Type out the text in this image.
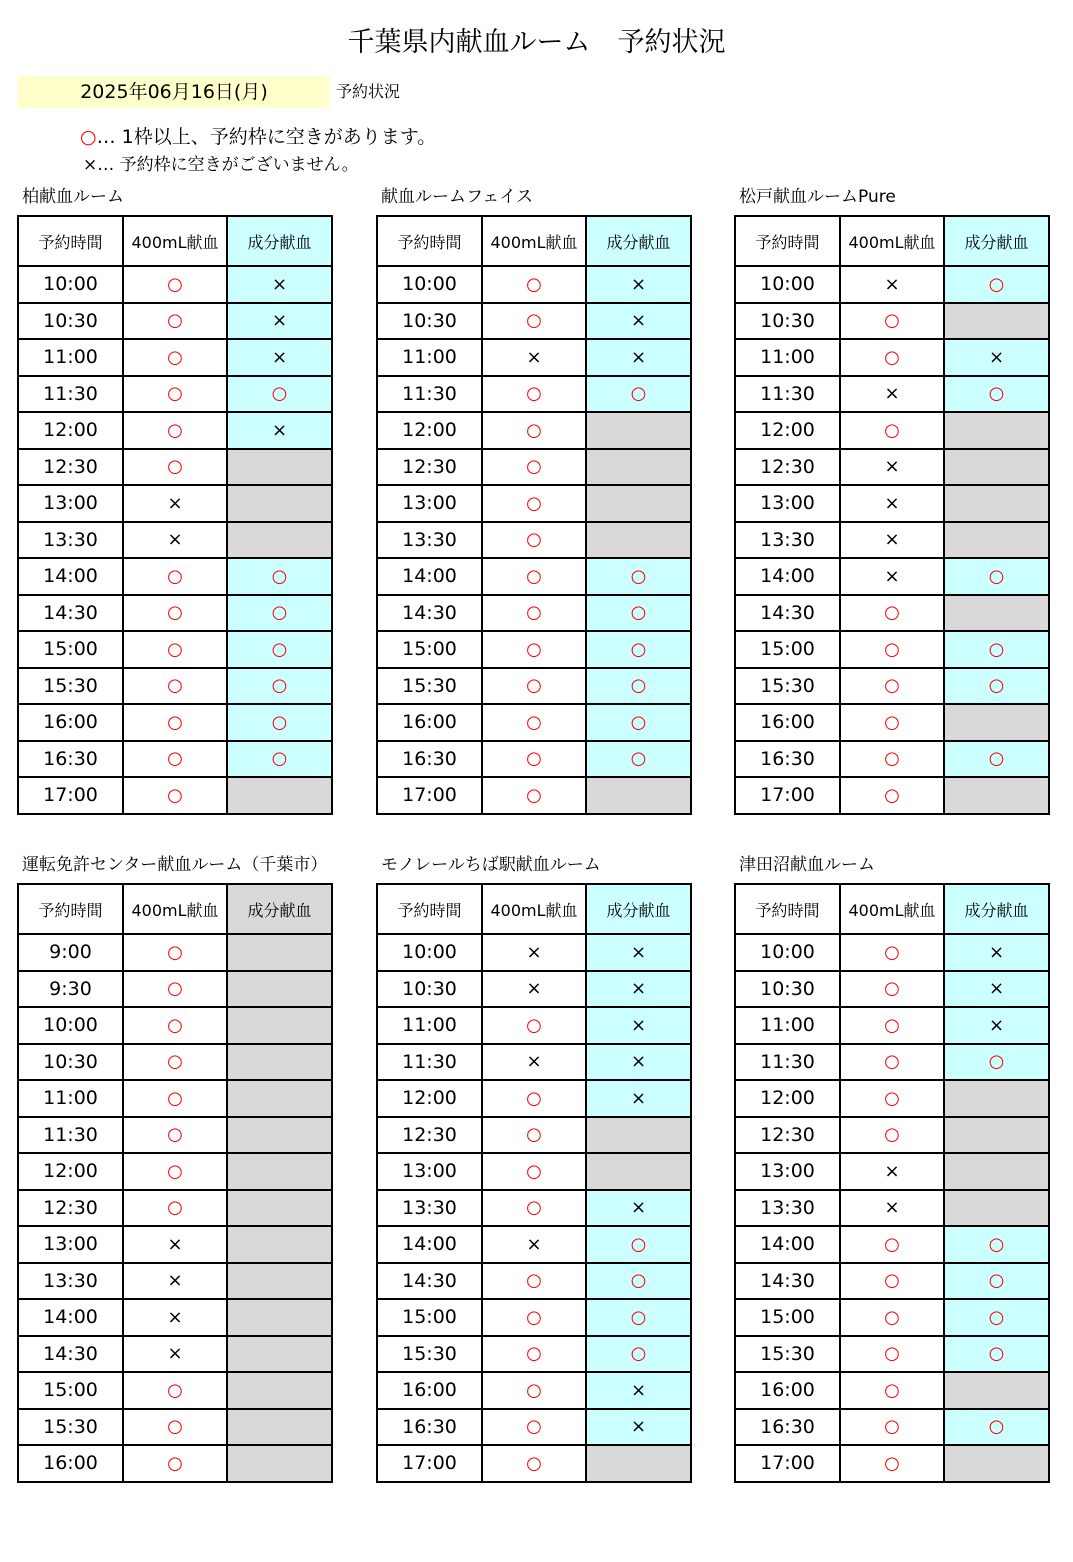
千葉県内献血ルーム　予約状況
2025年06月16日(月)	予約状況
○… 1枠以上、予約枠に空きがあります。
×… 予約枠に空きがございません。
柏献血ルーム
予約時間	400mL献血	成分献血
10:00	○	×
10:30	○	×
11:00	○	×
11:30	○	○
12:00	○	×
12:30	○	
13:00	×	
13:30	×	
14:00	○	○
14:30	○	○
15:00	○	○
15:30	○	○
16:00	○	○
16:30	○	○
17:00	○	
献血ルームフェイス
予約時間	400mL献血	成分献血
10:00	○	×
10:30	○	×
11:00	×	×
11:30	○	○
12:00	○	
12:30	○	
13:00	○	
13:30	○	
14:00	○	○
14:30	○	○
15:00	○	○
15:30	○	○
16:00	○	○
16:30	○	○
17:00	○	
松戸献血ルームPure
予約時間	400mL献血	成分献血
10:00	×	○
10:30	○	
11:00	○	×
11:30	×	○
12:00	○	
12:30	×	
13:00	×	
13:30	×	
14:00	×	○
14:30	○	
15:00	○	○
15:30	○	○
16:00	○	
16:30	○	○
17:00	○	
運転免許センター献血ルーム（千葉市）
予約時間	400mL献血	成分献血
9:00	○	
9:30	○	
10:00	○	
10:30	○	
11:00	○	
11:30	○	
12:00	○	
12:30	○	
13:00	×	
13:30	×	
14:00	×	
14:30	×	
15:00	○	
15:30	○	
16:00	○	
モノレールちば駅献血ルーム
予約時間	400mL献血	成分献血
10:00	×	×
10:30	×	×
11:00	○	×
11:30	×	×
12:00	○	×
12:30	○	
13:00	○	
13:30	○	×
14:00	×	○
14:30	○	○
15:00	○	○
15:30	○	○
16:00	○	×
16:30	○	×
17:00	○	
津田沼献血ルーム
予約時間	400mL献血	成分献血
10:00	○	×
10:30	○	×
11:00	○	×
11:30	○	○
12:00	○	
12:30	○	
13:00	×	
13:30	×	
14:00	○	○
14:30	○	○
15:00	○	○
15:30	○	○
16:00	○	
16:30	○	○
17:00	○	
